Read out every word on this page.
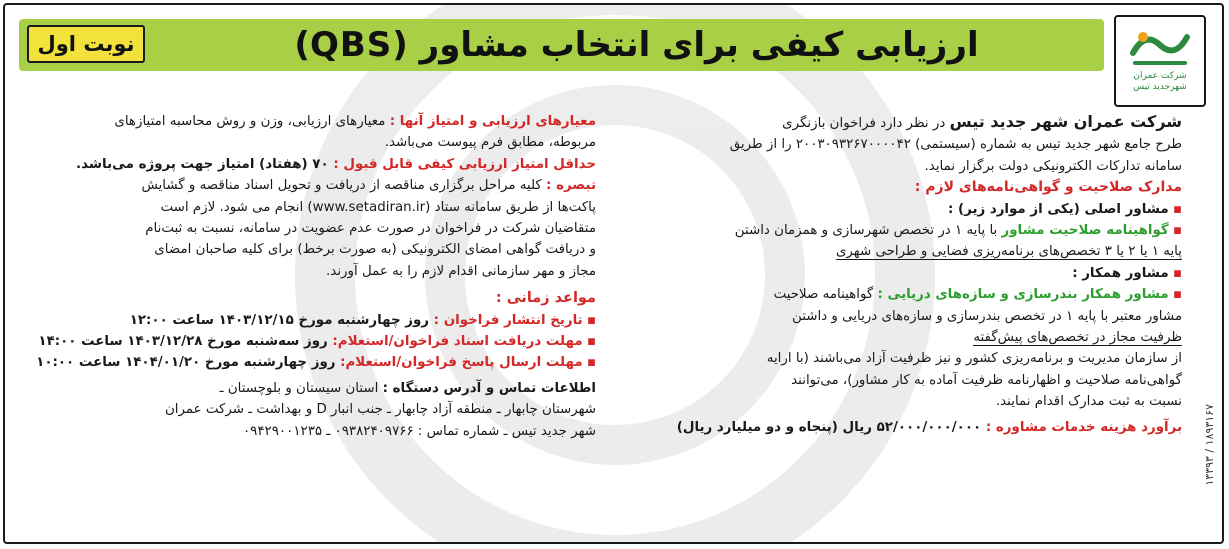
شرکت عمران
شهرجدید تیس
ارزیابی کیفی برای انتخاب مشاور (QBS)
نوبت اول
۱۸۹۳۱۶۷ / ۱۳۳۹۳

شرکت عمران شهر جدید تیس در نظر دارد فراخوان بازنگری
طرح جامع شهر جدید تیس به شماره (سیستمی) ۲۰۰۳۰۹۳۲۶۷۰۰۰۰۴۲ را از طریق
سامانه تدارکات الکترونیکی دولت برگزار نماید.

مدارک صلاحیت و گواهی‌نامه‌های لازم :

▪ مشاور اصلی (یکی از موارد زیر) :

▪ گواهینامه صلاحیت مشاور با پایه ۱ در تخصص شهرسازی و همزمان داشتن
پایه ۱ یا ۲ یا ۳ تخصص‌های برنامه‌ریزی فضایی و طراحی شهری

▪ مشاور همکار :

▪ مشاور همکار بندرسازی و سازه‌های دریایی : گواهینامه صلاحیت
مشاور معتبر با پایه ۱ در تخصص بندرسازی و سازه‌های دریایی و داشتن
ظرفیت مجاز در تخصص‌های پیش‌گفته

از سازمان مدیریت و برنامه‌ریزی کشور و نیز ظرفیت آزاد می‌باشند (با ارایه
گواهی‌نامه صلاحیت و اظهارنامه ظرفیت آماده به کار مشاور)، می‌توانند
نسبت به ثبت مدارک اقدام نمایند.

برآورد هزینه خدمات مشاوره : ۵۲/۰۰۰/۰۰۰/۰۰۰ ریال (پنجاه و دو میلیارد ریال)

معیارهای ارزیابی و امتیاز آنها : معیارهای ارزیابی، وزن و روش محاسبه امتیازهای
مربوطه، مطابق فرم پیوست می‌باشد.

حداقل امتیاز ارزیابی کیفی قابل قبول : ۷۰ (هفتاد) امتیاز جهت پروژه می‌باشد.

تبصره : کلیه مراحل برگزاری مناقصه از دریافت و تحویل اسناد مناقصه و گشایش
پاکت‌ها از طریق سامانه ستاد (www.setadiran.ir) انجام می شود. لازم است
متقاضیان شرکت در فراخوان در صورت عدم عضویت در سامانه، نسبت به ثبت‌نام
و دریافت گواهی امضای الکترونیکی (به صورت برخط) برای کلیه صاحبان امضای
مجاز و مهر سازمانی اقدام لازم را به عمل آورند.

مواعد زمانی :

▪ تاریخ انتشار فراخوان : روز چهارشنبه مورخ ۱۴۰۳/۱۲/۱۵ ساعت ۱۲:۰۰

▪ مهلت دریافت اسناد فراخوان/استعلام: روز سه‌شنبه مورخ ۱۴۰۳/۱۲/۲۸ ساعت ۱۴:۰۰

▪ مهلت ارسال پاسخ فراخوان/استعلام: روز چهارشنبه مورخ ۱۴۰۴/۰۱/۲۰ ساعت ۱۰:۰۰

اطلاعات تماس و آدرس دستگاه : استان سیستان و بلوچستان ـ
شهرستان چابهار ـ منطقه آزاد چابهار ـ جنب انبار D و بهداشت ـ شرکت عمران
شهر جدید تیس ـ شماره تماس : ۰۹۳۸۲۴۰۹۷۶۶ ـ ۰۹۴۲۹۰۰۱۲۳۵
